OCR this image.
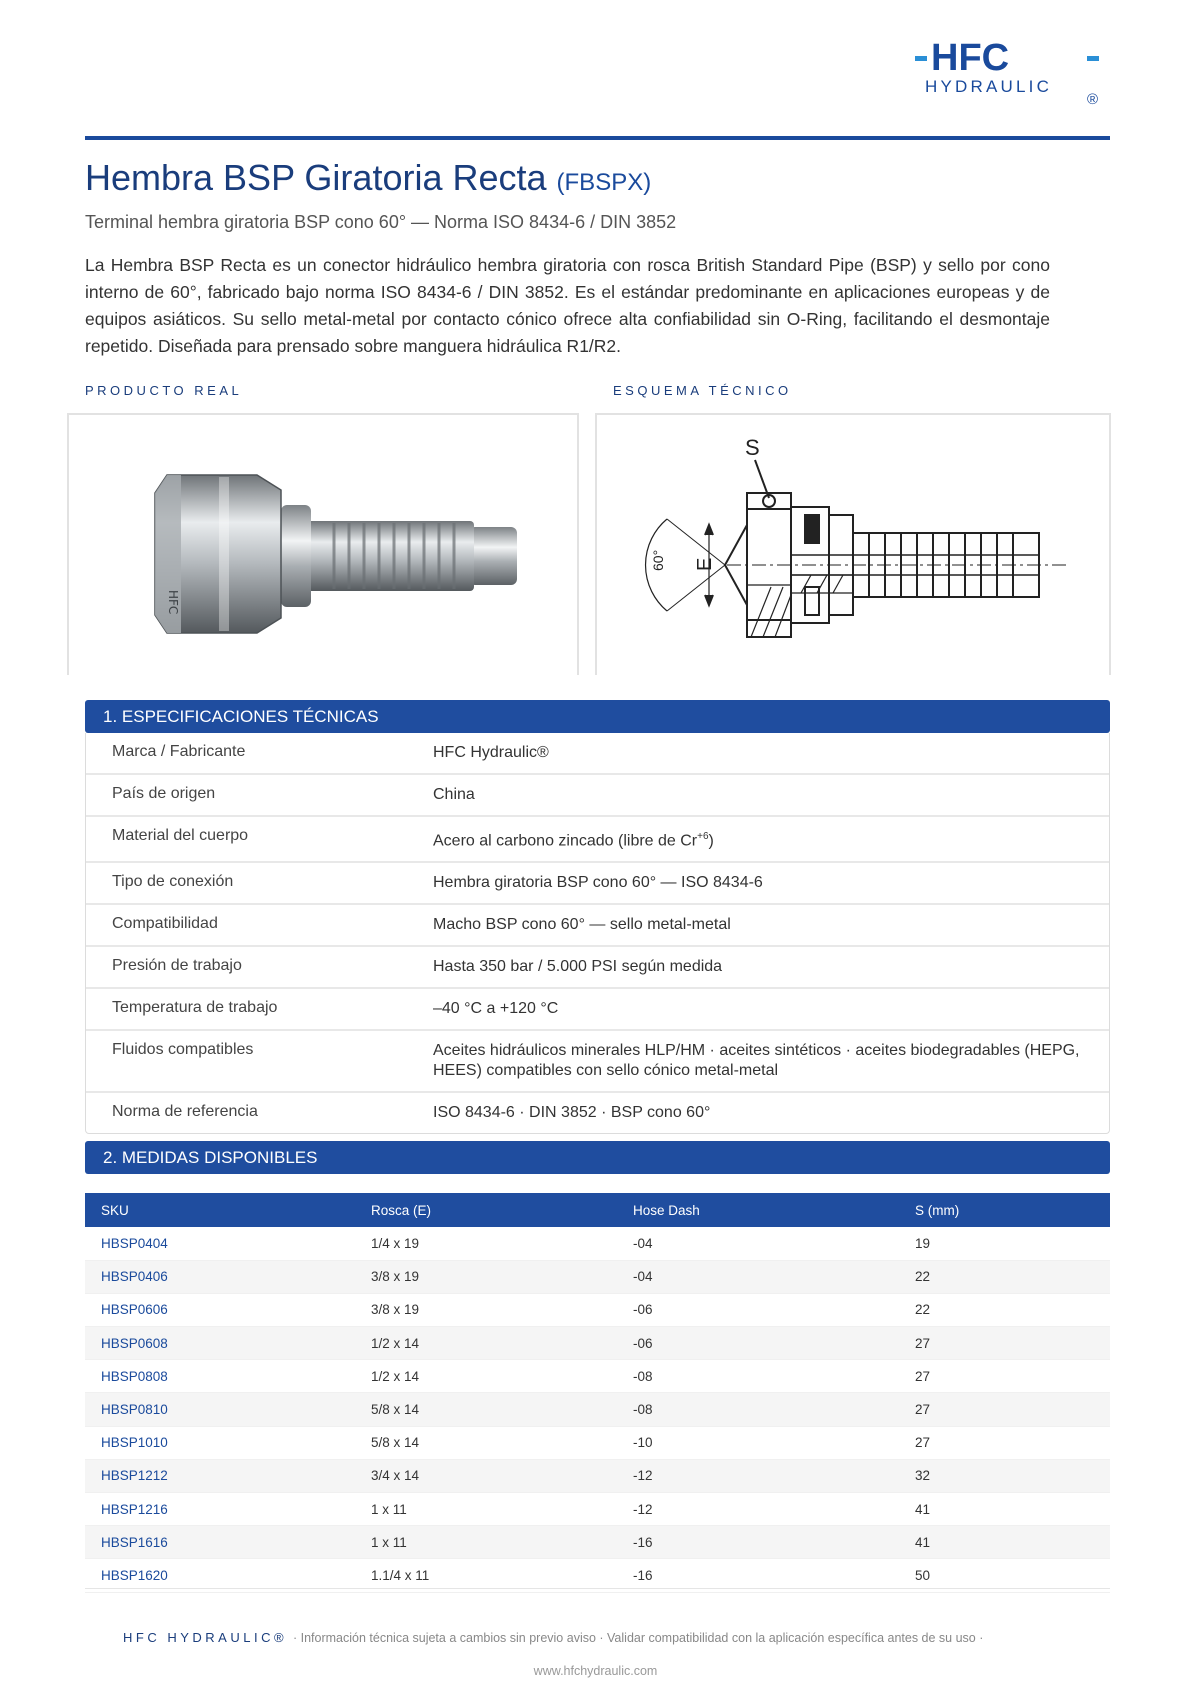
HFC
HYDRAULIC
®
Hembra BSP Giratoria Recta (FBSPX)
Terminal hembra giratoria BSP cono 60° — Norma ISO 8434-6 / DIN 3852

La Hembra BSP Recta es un conector hidráulico hembra giratoria con rosca British Standard Pipe (BSP) y sello por cono interno de 60°, fabricado bajo norma ISO 8434-6 / DIN 3852. Es el estándar predominante en aplicaciones europeas y de equipos asiáticos. Su sello metal-metal por contacto cónico ofrece alta confiabilidad sin O-Ring, facilitando el desmontaje repetido. Diseñada para prensado sobre manguera hidráulica R1/R2.

PRODUCTO REAL	ESQUEMA TÉCNICO
HFC
S
E
60°
1. ESPECIFICACIONES TÉCNICAS
Marca / Fabricante	HFC Hydraulic®
País de origen	China
Material del cuerpo	Acero al carbono zincado (libre de $Cr^{+6}$)
Tipo de conexión	Hembra giratoria BSP cono 60° — ISO 8434-6
Compatibilidad	Macho BSP cono 60° — sello metal-metal
Presión de trabajo	Hasta 350 bar / 5.000 PSI según medida
Temperatura de trabajo	–40 °C a +120 °C
Fluidos compatibles	Aceites hidráulicos minerales HLP/HM · aceites sintéticos · aceites biodegradables (HEPG, HEES) compatibles con sello cónico metal-metal
Norma de referencia	ISO 8434-6 · DIN 3852 · BSP cono 60°
2. MEDIDAS DISPONIBLES
SKU	Rosca (E)	Hose Dash	S (mm)
HBSP0404	1/4 x 19	-04	19
HBSP0406	3/8 x 19	-04	22
HBSP0606	3/8 x 19	-06	22
HBSP0608	1/2 x 14	-06	27
HBSP0808	1/2 x 14	-08	27
HBSP0810	5/8 x 14	-08	27
HBSP1010	5/8 x 14	-10	27
HBSP1212	3/4 x 14	-12	32
HBSP1216	1 x 11	-12	41
HBSP1616	1 x 11	-16	41
HBSP1620	1.1/4 x 11	-16	50
HFC HYDRAULIC® · Información técnica sujeta a cambios sin previo aviso · Validar compatibilidad con la aplicación específica antes de su uso ·
www.hfchydraulic.com
